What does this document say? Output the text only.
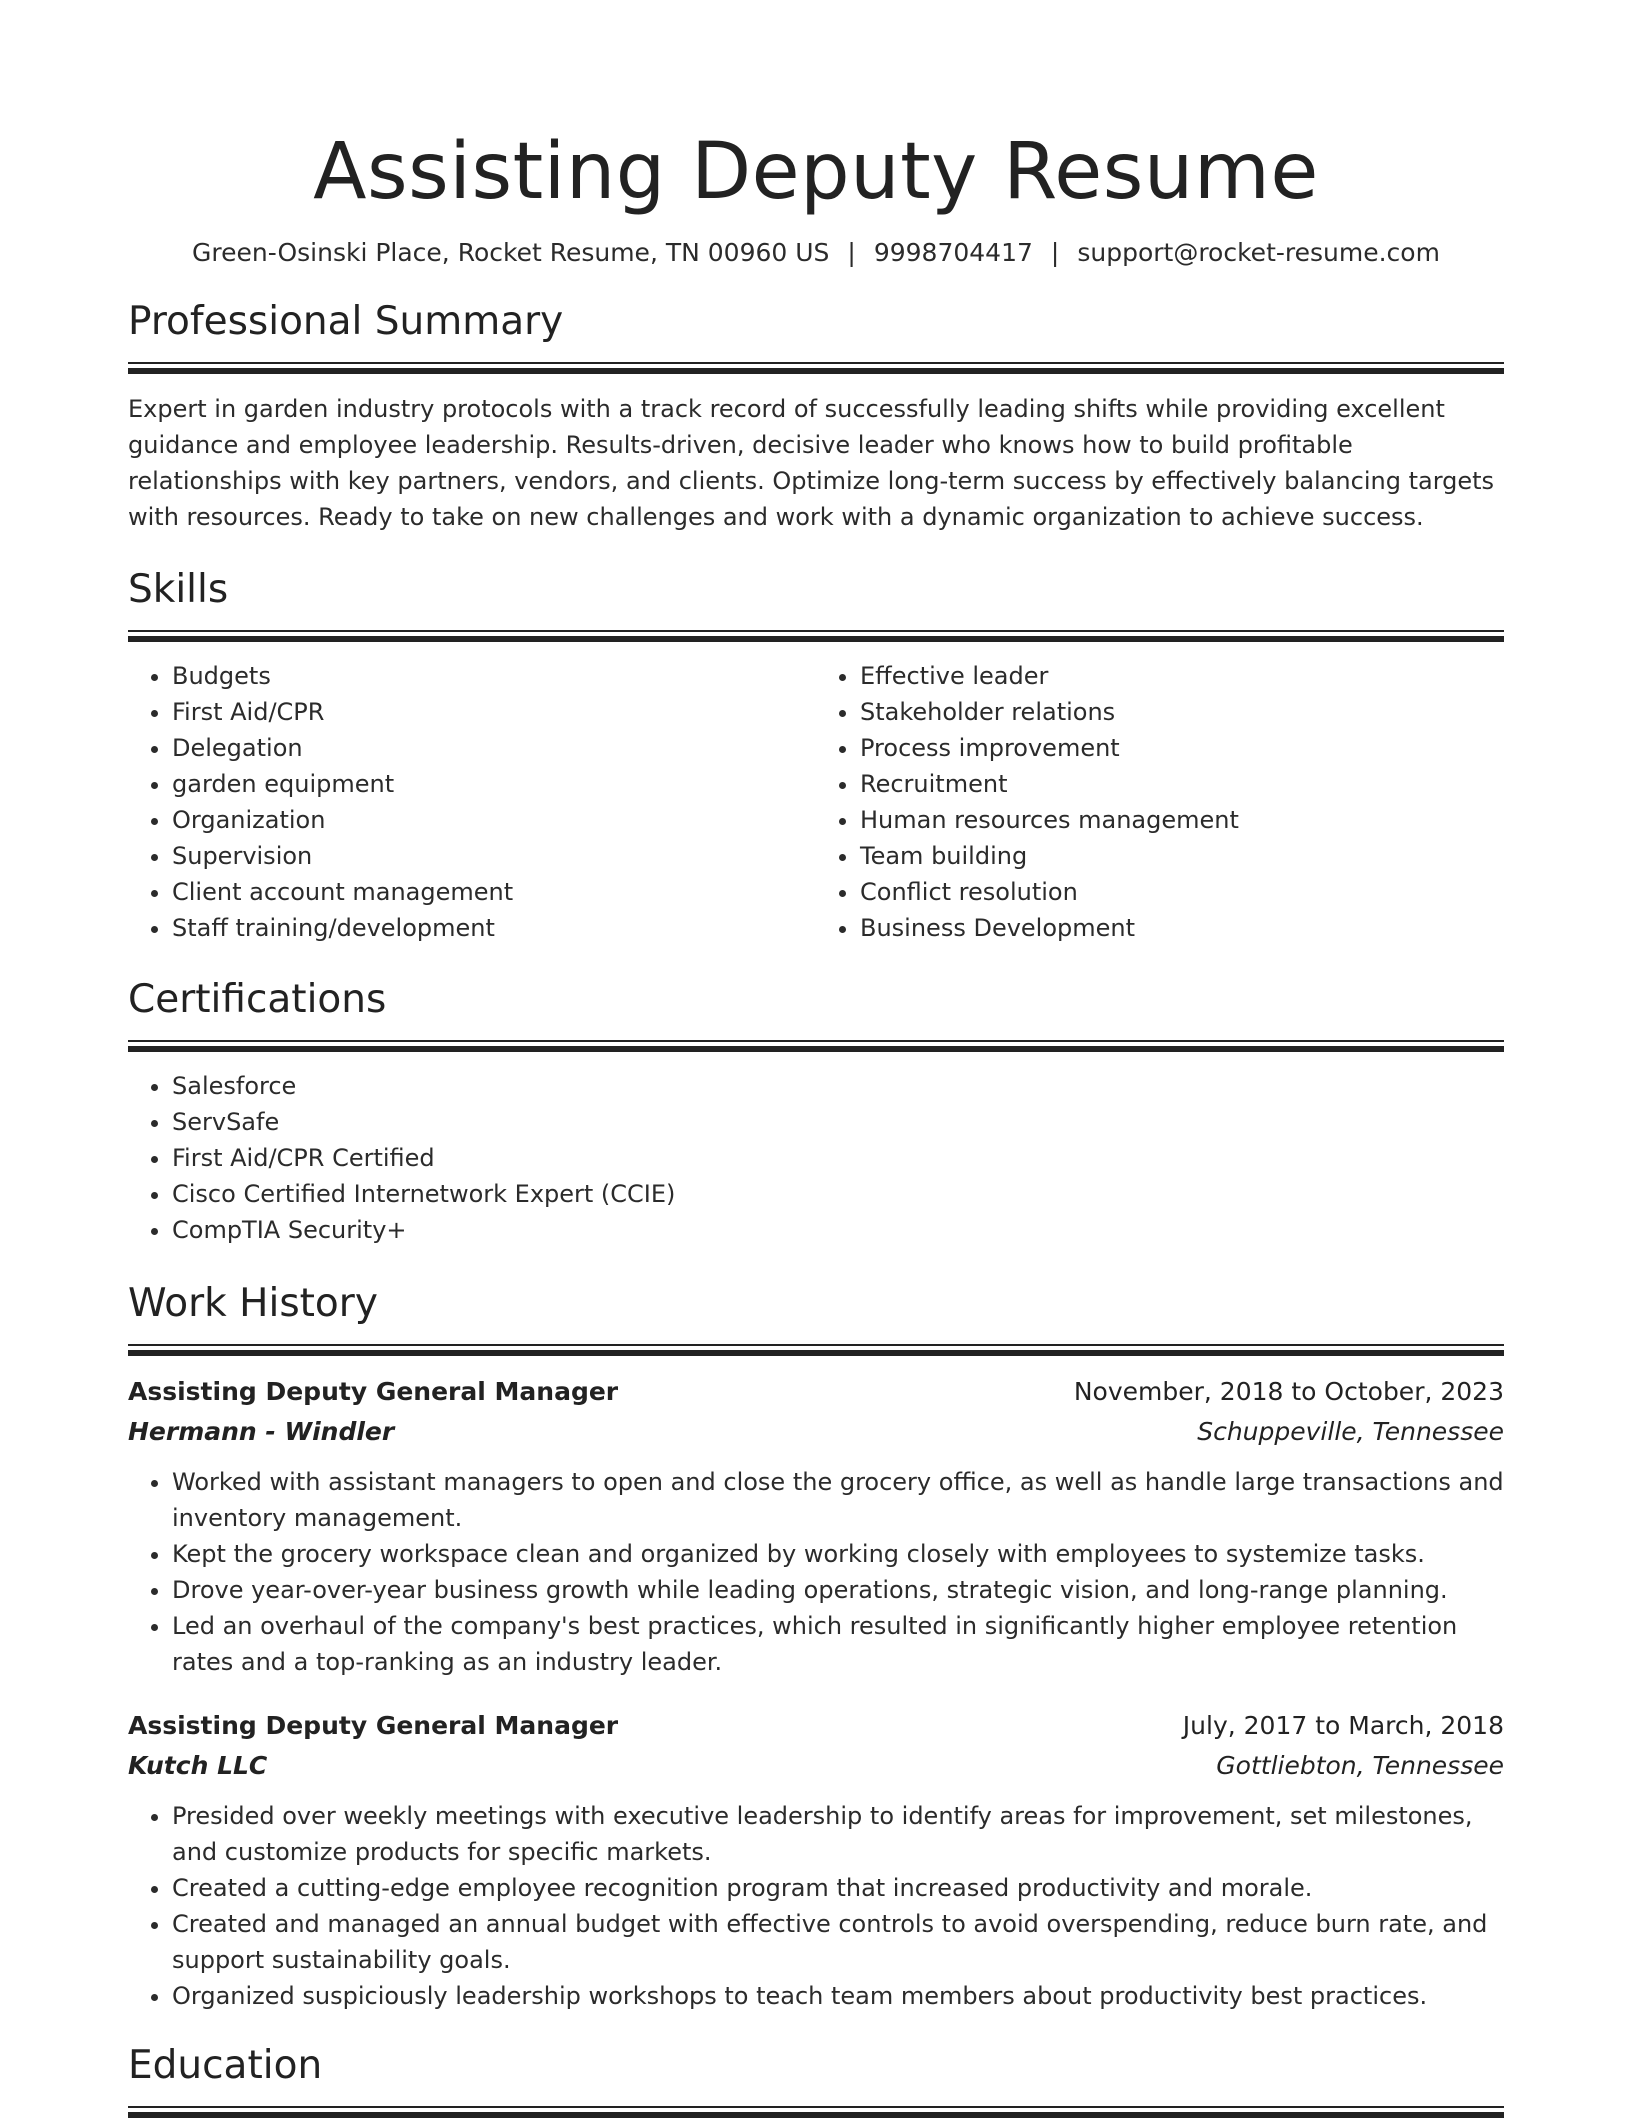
Assisting Deputy Resume
Green-Osinski Place, Rocket Resume, TN 00960 US | 9998704417 | support@rocket-resume.com
Professional Summary
Expert in garden industry protocols with a track record of successfully leading shifts while providing excellent guidance and employee leadership. Results-driven, decisive leader who knows how to build profitable relationships with key partners, vendors, and clients. Optimize long-term success by effectively balancing targets with resources. Ready to take on new challenges and work with a dynamic organization to achieve success.
Skills
• Budgets
• First Aid/CPR
• Delegation
• garden equipment
• Organization
• Supervision
• Client account management
• Staff training/development
• Effective leader
• Stakeholder relations
• Process improvement
• Recruitment
• Human resources management
• Team building
• Conflict resolution
• Business Development
Certifications
• Salesforce
• ServSafe
• First Aid/CPR Certified
• Cisco Certified Internetwork Expert (CCIE)
• CompTIA Security+
Work History
Assisting Deputy General Manager	November, 2018 to October, 2023
Hermann - Windler	Schuppeville, Tennessee
• Worked with assistant managers to open and close the grocery office, as well as handle large transactions and inventory management.
• Kept the grocery workspace clean and organized by working closely with employees to systemize tasks.
• Drove year-over-year business growth while leading operations, strategic vision, and long-range planning.
• Led an overhaul of the company's best practices, which resulted in significantly higher employee retention rates and a top-ranking as an industry leader.
Assisting Deputy General Manager	July, 2017 to March, 2018
Kutch LLC	Gottliebton, Tennessee
• Presided over weekly meetings with executive leadership to identify areas for improvement, set milestones, and customize products for specific markets.
• Created a cutting-edge employee recognition program that increased productivity and morale.
• Created and managed an annual budget with effective controls to avoid overspending, reduce burn rate, and support sustainability goals.
• Organized suspiciously leadership workshops to teach team members about productivity best practices.
Education
